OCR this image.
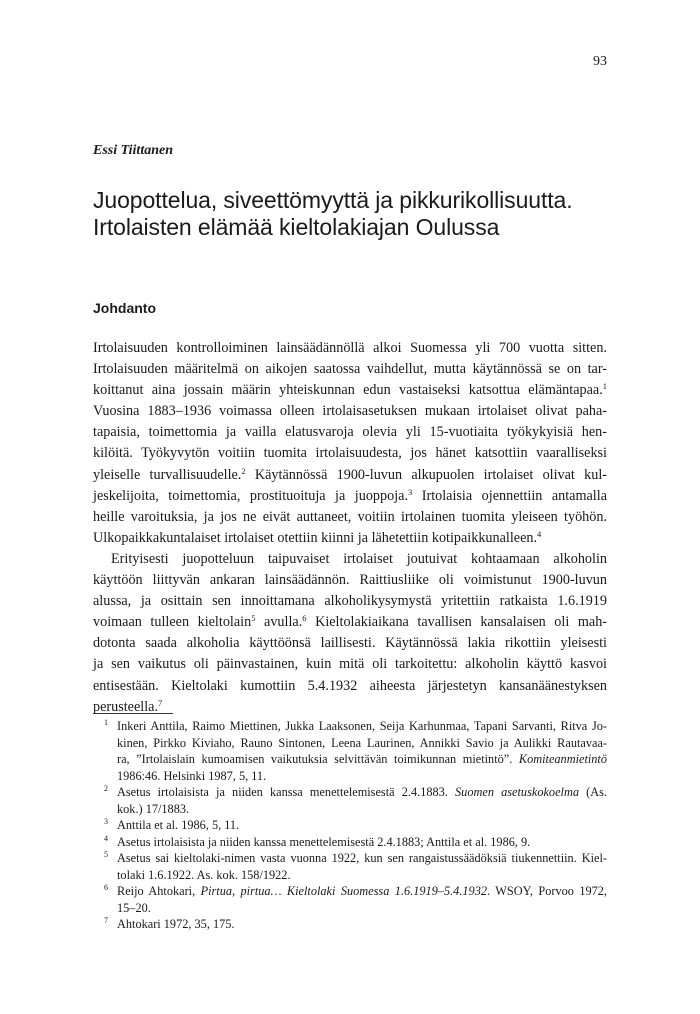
93
Essi Tiittanen
Juopottelua, siveettömyyttä ja pikkurikollisuutta.
Irtolaisten elämää kieltolakiajan Oulussa
Johdanto
Irtolaisuuden kontrolloiminen lainsäädännöllä alkoi Suomessa yli 700 vuotta sitten.
Irtolaisuuden määritelmä on aikojen saatossa vaihdellut, mutta käytännössä se on tar-
koittanut aina jossain määrin yhteiskunnan edun vastaiseksi katsottua elämäntapaa.$^1$
Vuosina 1883–1936 voimassa olleen irtolaisasetuksen mukaan irtolaiset olivat paha-
tapaisia, toimettomia ja vailla elatusvaroja olevia yli 15-vuotiaita työkykyisiä hen-
kilöitä. Työkyvytön voitiin tuomita irtolaisuudesta, jos hänet katsottiin vaaralliseksi
yleiselle turvallisuudelle.$^2$ Käytännössä 1900-luvun alkupuolen irtolaiset olivat kul-
jeskelijoita, toimettomia, prostituoituja ja juoppoja.$^3$ Irtolaisia ojennettiin antamalla
heille varoituksia, ja jos ne eivät auttaneet, voitiin irtolainen tuomita yleiseen työhön.
Ulkopaikkakuntalaiset irtolaiset otettiin kiinni ja lähetettiin kotipaikkunalleen.$^4$
Erityisesti juopotteluun taipuvaiset irtolaiset joutuivat kohtaamaan alkoholin
käyttöön liittyvän ankaran lainsäädännön. Raittiusliike oli voimistunut 1900-luvun
alussa, ja osittain sen innoittamana alkoholikysymystä yritettiin ratkaista 1.6.1919
voimaan tulleen kieltolain$^5$ avulla.$^6$ Kieltolakiaikana tavallisen kansalaisen oli mah-
dotonta saada alkoholia käyttöönsä laillisesti. Käytännössä lakia rikottiin yleisesti
ja sen vaikutus oli päinvastainen, kuin mitä oli tarkoitettu: alkoholin käyttö kasvoi
entisestään. Kieltolaki kumottiin 5.4.1932 aiheesta järjestetyn kansanäänestyksen
perusteella.$^7$
1 Inkeri Anttila, Raimo Miettinen, Jukka Laaksonen, Seija Karhunmaa, Tapani Sarvanti, Ritva Jo-
kinen, Pirkko Kiviaho, Rauno Sintonen, Leena Laurinen, Annikki Savio ja Aulikki Rautavaa-
ra, ”Irtolaislain kumoamisen vaikutuksia selvittävän toimikunnan mietintö”. Komiteanmietintö
1986:46. Helsinki 1987, 5, 11.
2 Asetus irtolaisista ja niiden kanssa menettelemisestä 2.4.1883. Suomen asetuskokoelma (As.
kok.) 17/1883.
3 Anttila et al. 1986, 5, 11.
4 Asetus irtolaisista ja niiden kanssa menettelemisestä 2.4.1883; Anttila et al. 1986, 9.
5 Asetus sai kieltolaki-nimen vasta vuonna 1922, kun sen rangaistussäädöksiä tiukennettiin. Kiel-
tolaki 1.6.1922. As. kok. 158/1922.
6 Reijo Ahtokari, Pirtua, pirtua… Kieltolaki Suomessa 1.6.1919–5.4.1932. WSOY, Porvoo 1972,
15–20.
7 Ahtokari 1972, 35, 175.
